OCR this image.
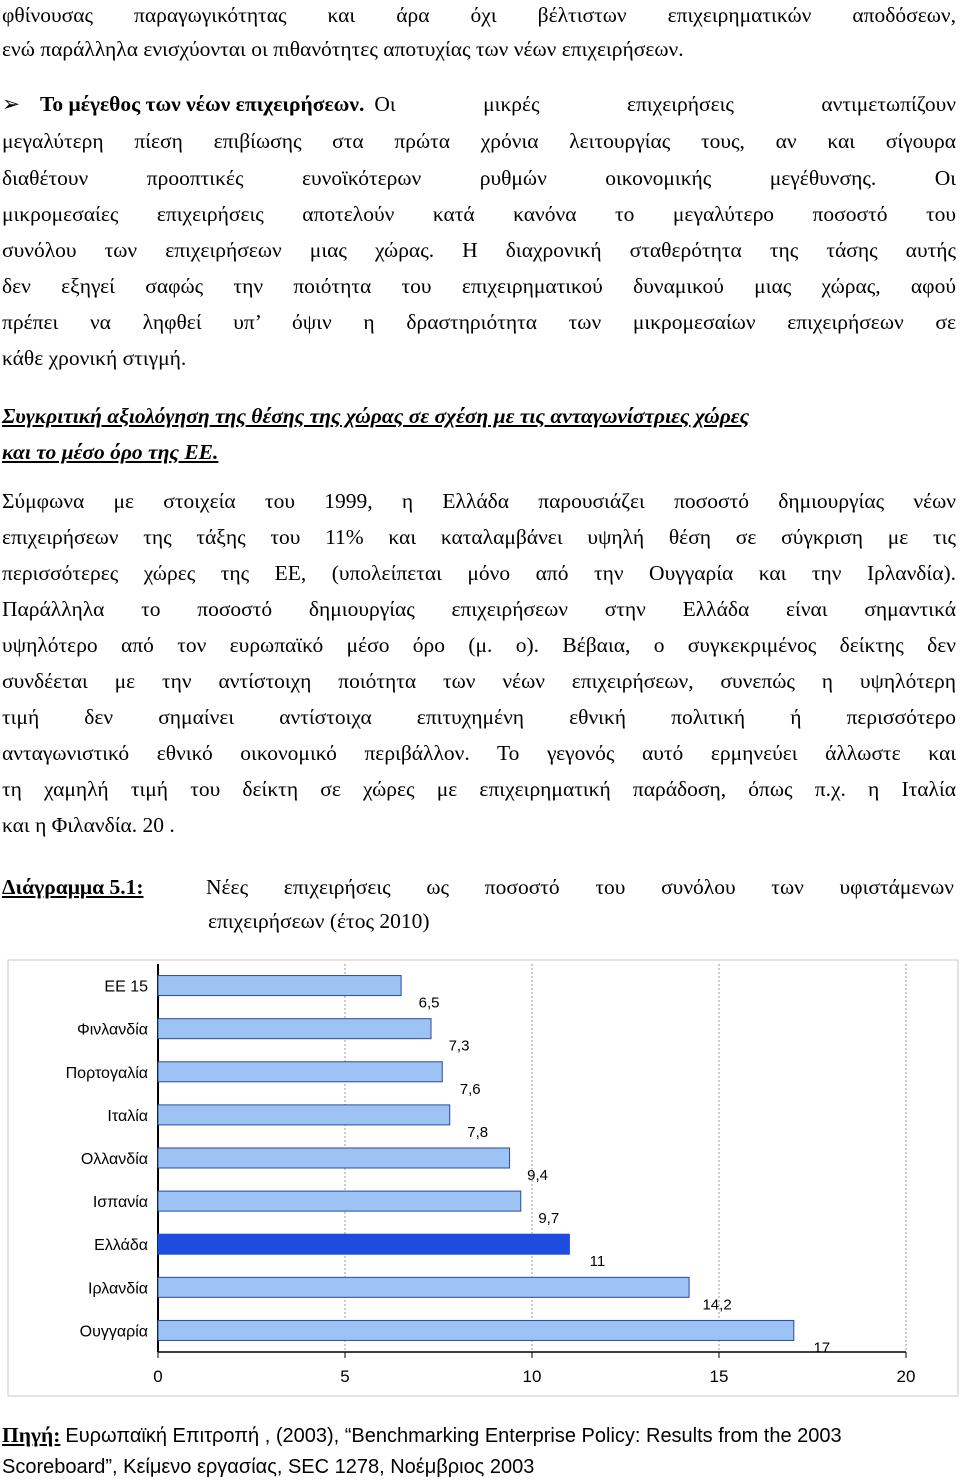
φθίνουσας παραγωγικότητας και άρα όχι βέλτιστων επιχειρηματικών αποδόσεων,
ενώ παράλληλα ενισχύονται οι πιθανότητες αποτυχίας των νέων επιχειρήσεων.
➢ Το μέγεθος των νέων επιχειρήσεων. Οι μικρές επιχειρήσεις αντιμετωπίζουν
μεγαλύτερη πίεση επιβίωσης στα πρώτα χρόνια λειτουργίας τους, αν και σίγουρα
διαθέτουν προοπτικές ευνοϊκότερων ρυθμών οικονομικής μεγέθυνσης. Οι
μικρομεσαίες επιχειρήσεις αποτελούν κατά κανόνα το μεγαλύτερο ποσοστό του
συνόλου των επιχειρήσεων μιας χώρας. Η διαχρονική σταθερότητα της τάσης αυτής
δεν εξηγεί σαφώς την ποιότητα του επιχειρηματικού δυναμικού μιας χώρας, αφού
πρέπει να ληφθεί υπ’ όψιν η δραστηριότητα των μικρομεσαίων επιχειρήσεων σε
κάθε χρονική στιγμή.
Συγκριτική αξιολόγηση της θέσης της χώρας σε σχέση με τις ανταγωνίστριες χώρες
και το μέσο όρο της ΕΕ.
Σύμφωνα με στοιχεία του 1999, η Ελλάδα παρουσιάζει ποσοστό δημιουργίας νέων
επιχειρήσεων της τάξης του 11% και καταλαμβάνει υψηλή θέση σε σύγκριση με τις
περισσότερες χώρες της ΕΕ, (υπολείπεται μόνο από την Ουγγαρία και την Ιρλανδία).
Παράλληλα το ποσοστό δημιουργίας επιχειρήσεων στην Ελλάδα είναι σημαντικά
υψηλότερο από τον ευρωπαϊκό μέσο όρο (μ. ο). Βέβαια, ο συγκεκριμένος δείκτης δεν
συνδέεται με την αντίστοιχη ποιότητα των νέων επιχειρήσεων, συνεπώς η υψηλότερη
τιμή δεν σημαίνει αντίστοιχα επιτυχημένη εθνική πολιτική ή περισσότερο
ανταγωνιστικό εθνικό οικονομικό περιβάλλον. Το γεγονός αυτό ερμηνεύει άλλωστε και
τη χαμηλή τιμή του δείκτη σε χώρες με επιχειρηματική παράδοση, όπως π.χ. η Ιταλία
και η Φιλανδία. 20 .
Διάγραμμα 5.1:	Νέες επιχειρήσεις ως ποσοστό του συνόλου των υφιστάμενων
επιχειρήσεων (έτος 2010)
0	5	10	15	20
ΕΕ 15
6,5
Φινλανδία
7,3
Πορτογαλία
7,6
Ιταλία
7,8
Ολλανδία
9,4
Ισπανία
9,7
Ελλάδα
11
Ιρλανδία
14,2
Ουγγαρία
17
Πηγή: Ευρωπαϊκή Επιτροπή , (2003), “Benchmarking Enterprise Policy: Results from the 2003
Scoreboard”, Κείμενο εργασίας, SEC 1278, Νοέμβριος 2003
